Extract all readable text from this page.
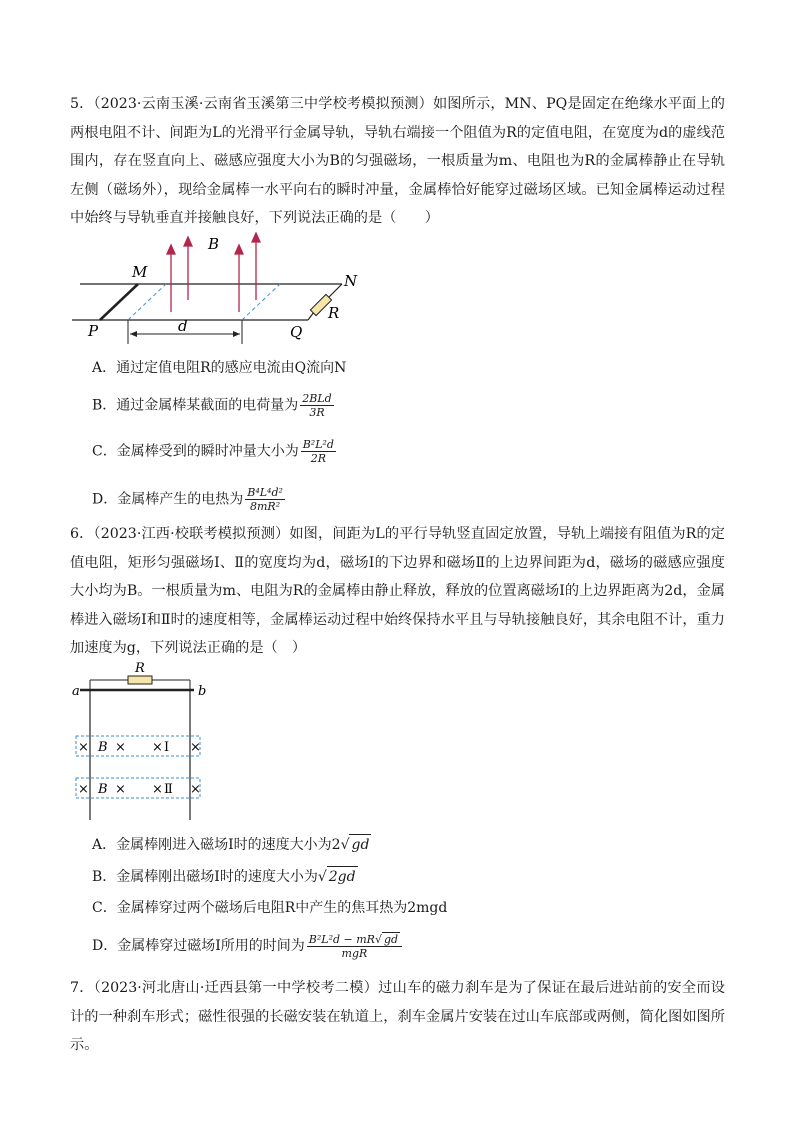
5．（2023·云南玉溪·云南省玉溪第三中学校考模拟预测）如图所示，MN、PQ是固定在绝缘水平面上的两根电阻不计、间距为L的光滑平行金属导轨，导轨右端接一个阻值为R的定值电阻，在宽度为d的虚线范围内，存在竖直向上、磁感应强度大小为B的匀强磁场，一根质量为m、电阻也为R的金属棒静止在导轨左侧（磁场外），现给金属棒一水平向右的瞬时冲量，金属棒恰好能穿过磁场区域。已知金属棒运动过程中始终与导轨垂直并接触良好，下列说法正确的是（　　）
d
B
M	N
P	Q
R
A．通过定值电阻R的感应电流由Q流向N
B．通过金属棒某截面的电荷量为 $\frac{\text{2BLd}}{3R}$
C．金属棒受到的瞬时冲量大小为 $\frac{\text{B²L²d}}{2R}$
D．金属棒产生的电热为 $\frac{\text{B⁴L⁴d²}}{\text{8mR²}}$
6．（2023·江西·校联考模拟预测）如图，间距为L的平行导轨竖直固定放置，导轨上端接有阻值为R的定值电阻，矩形匀强磁场Ⅰ、Ⅱ的宽度均为d，磁场Ⅰ的下边界和磁场Ⅱ的上边界间距为d，磁场的磁感应强度大小均为B。一根质量为m、电阻为R的金属棒由静止释放，释放的位置离磁场Ⅰ的上边界距离为2d，金属棒进入磁场Ⅰ和Ⅱ时的速度相等，金属棒运动过程中始终保持水平且与导轨接触良好，其余电阻不计，重力加速度为g，下列说法正确的是（　）
R
a	b
× B × × Ⅰ ×
× B × × Ⅱ ×
A．金属棒刚进入磁场Ⅰ时的速度大小为2√ gd
B．金属棒刚出磁场Ⅰ时的速度大小为√ 2gd
C．金属棒穿过两个磁场后电阻R中产生的焦耳热为2mgd
D．金属棒穿过磁场Ⅰ所用的时间为 $\frac{\text{B²L²d − mR√ gd}}{\text{mgR}}$
7．（2023·河北唐山·迁西县第一中学校考二模）过山车的磁力刹车是为了保证在最后进站前的安全而设计的一种刹车形式；磁性很强的长磁安装在轨道上，刹车金属片安装在过山车底部或两侧，简化图如图所示。
